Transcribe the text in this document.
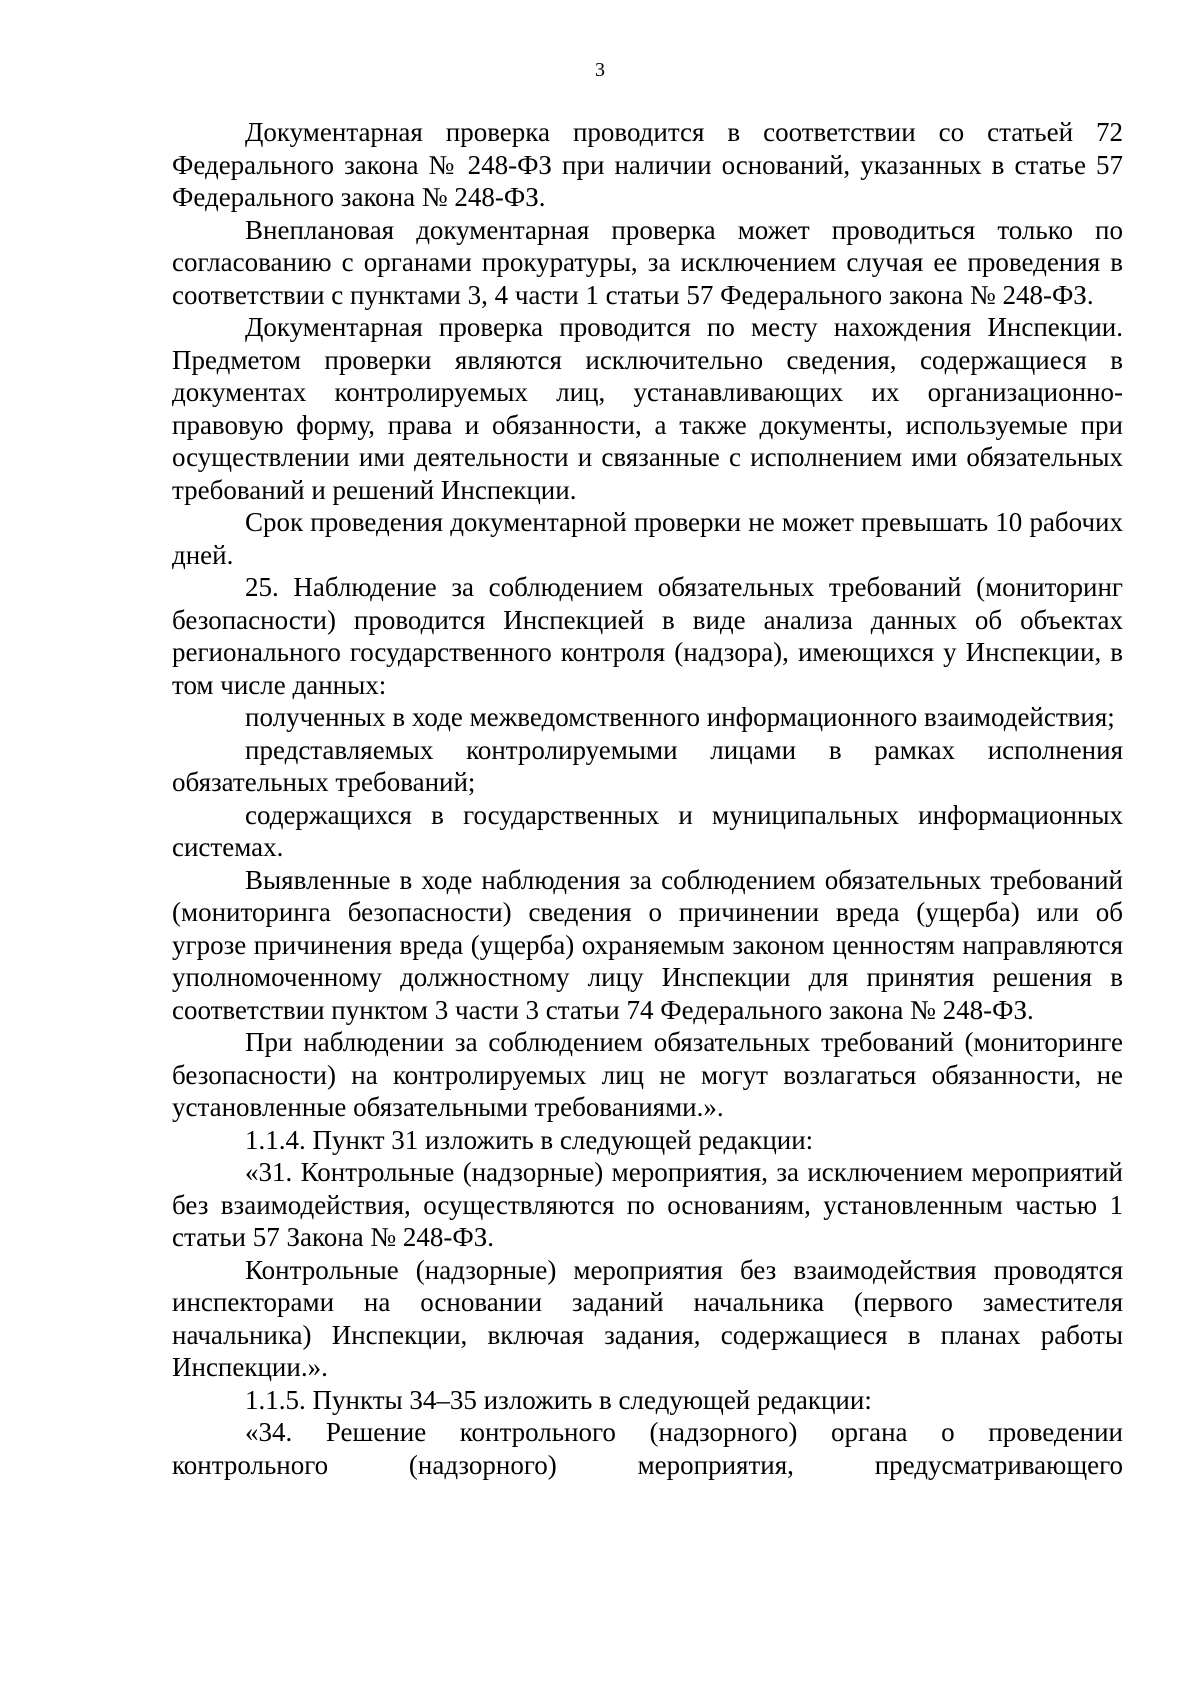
3

Документарная проверка проводится в соответствии со статьей 72 Федерального закона № 248-ФЗ при наличии оснований, указанных в статье 57 Федерального закона № 248-ФЗ.

Внеплановая документарная проверка может проводиться только по согласованию с органами прокуратуры, за исключением случая ее проведения в соответствии с пунктами 3, 4 части 1 статьи 57 Федерального закона № 248-ФЗ.

Документарная проверка проводится по месту нахождения Инспекции. Предметом проверки являются исключительно сведения, содержащиеся в документах контролируемых лиц, устанавливающих их организационно-правовую форму, права и обязанности, а также документы, используемые при осуществлении ими деятельности и связанные с исполнением ими обязательных требований и решений Инспекции.

Срок проведения документарной проверки не может превышать 10 рабочих дней.

25. Наблюдение за соблюдением обязательных требований (мониторинг безопасности) проводится Инспекцией в виде анализа данных об объектах регионального государственного контроля (надзора), имеющихся у Инспекции, в том числе данных:

полученных в ходе межведомственного информационного взаимодействия;

представляемых контролируемыми лицами в рамках исполнения обязательных требований;

содержащихся в государственных и муниципальных информационных системах.

Выявленные в ходе наблюдения за соблюдением обязательных требований (мониторинга безопасности) сведения о причинении вреда (ущерба) или об угрозе причинения вреда (ущерба) охраняемым законом ценностям направляются уполномоченному должностному лицу Инспекции для принятия решения в соответствии пунктом 3 части 3 статьи 74 Федерального закона № 248-ФЗ.

При наблюдении за соблюдением обязательных требований (мониторинге безопасности) на контролируемых лиц не могут возлагаться обязанности, не установленные обязательными требованиями.».

1.1.4. Пункт 31 изложить в следующей редакции:

«31. Контрольные (надзорные) мероприятия, за исключением мероприятий без взаимодействия, осуществляются по основаниям, установленным частью 1 статьи 57 Закона № 248-ФЗ.

Контрольные (надзорные) мероприятия без взаимодействия проводятся инспекторами на основании заданий начальника (первого заместителя начальника) Инспекции, включая задания, содержащиеся в планах работы Инспекции.».

1.1.5. Пункты 34–35 изложить в следующей редакции:

«34. Решение контрольного (надзорного) органа о проведении контрольного (надзорного) мероприятия, предусматривающего
